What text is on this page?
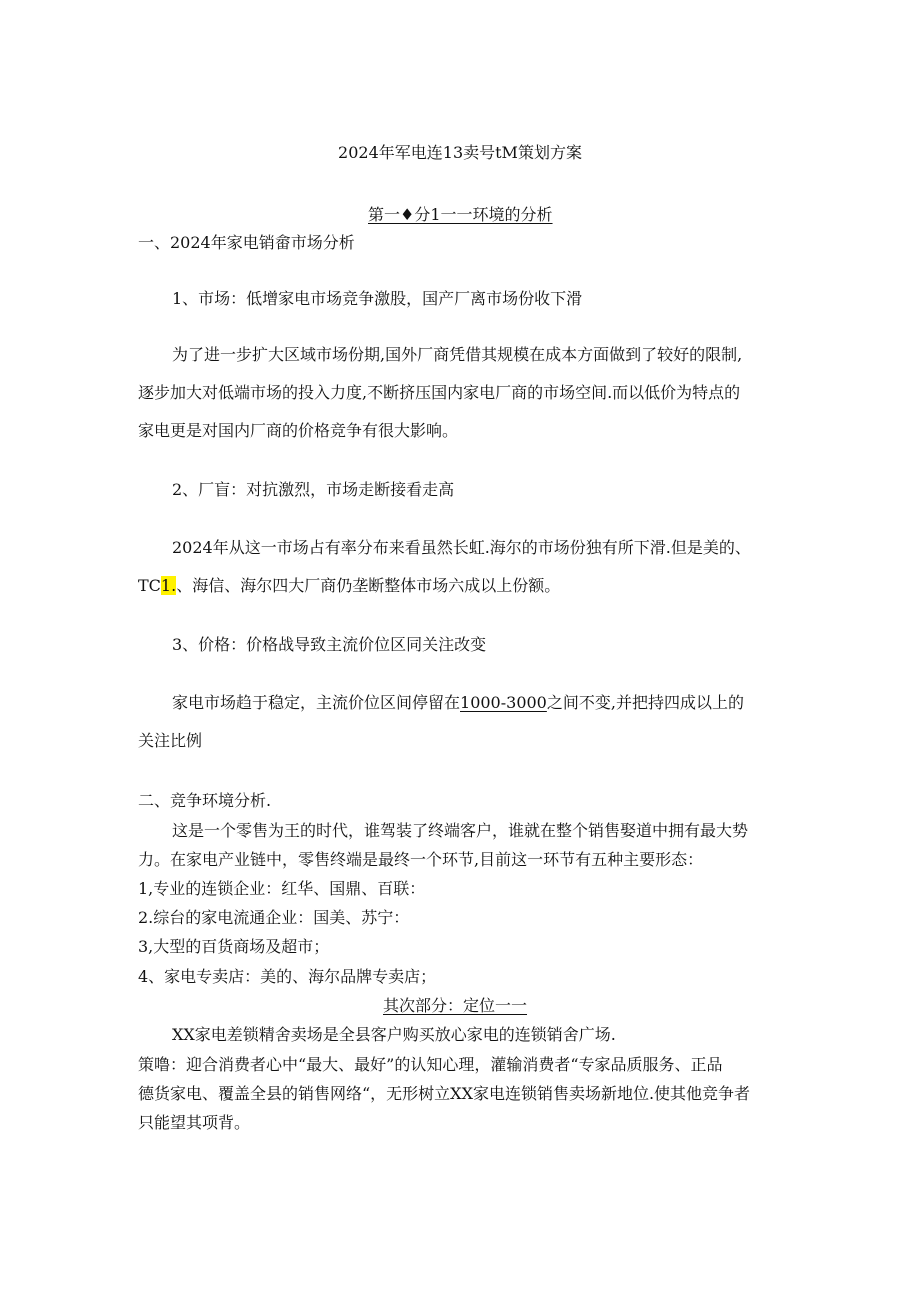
2024年军电连13卖号tM策划方案
第一♦分1一一环境的分析
一、2024年家电销畲市场分析
1、市场：低增家电市场竞争激股，国产厂离市场份收下滑
为了进一步扩大区域市场份期,国外厂商凭借其规模在成本方面做到了较好的限制,
逐步加大对低端市场的投入力度,不断挤压国内家电厂商的市场空间.而以低价为特点的
家电更是对国内厂商的价格竞争有很大影响。
2、厂盲：对抗激烈，市场走断接看走高
2024年从这一市场占有率分布来看虽然长虹.海尔的市场份独有所下滑.但是美的、
TC1.、海信、海尔四大厂商仍垄断整体市场六成以上份额。
3、价格：价格战导致主流价位区同关注改变
家电市场趋于稳定，主流价位区间停留在1000-3000之间不变,并把持四成以上的
关注比例
二、竞争环境分析.
这是一个零售为王的时代，谁驾装了终端客户，谁就在整个销售娶道中拥有最大势
力。在家电产业链中，零售终端是最终一个环节,目前这一环节有五种主要形态：
1,专业的连锁企业：红华、国鼎、百联：
2.综台的家电流通企业：国美、苏宁：
3,大型的百货商场及超市；
4、家电专卖店：美的、海尔品牌专卖店；
其次部分：定位一一
XX家电差锁精舍卖场是全县客户购买放心家电的连锁销舍广场.
策噜：迎合消费者心中“最大、最好”的认知心理，灌输消费者“专家品质服务、正品
德货家电、覆盖全县的销售网络“，无形树立XX家电连锁销售卖场新地位.使其他竞争者
只能望其项背。
